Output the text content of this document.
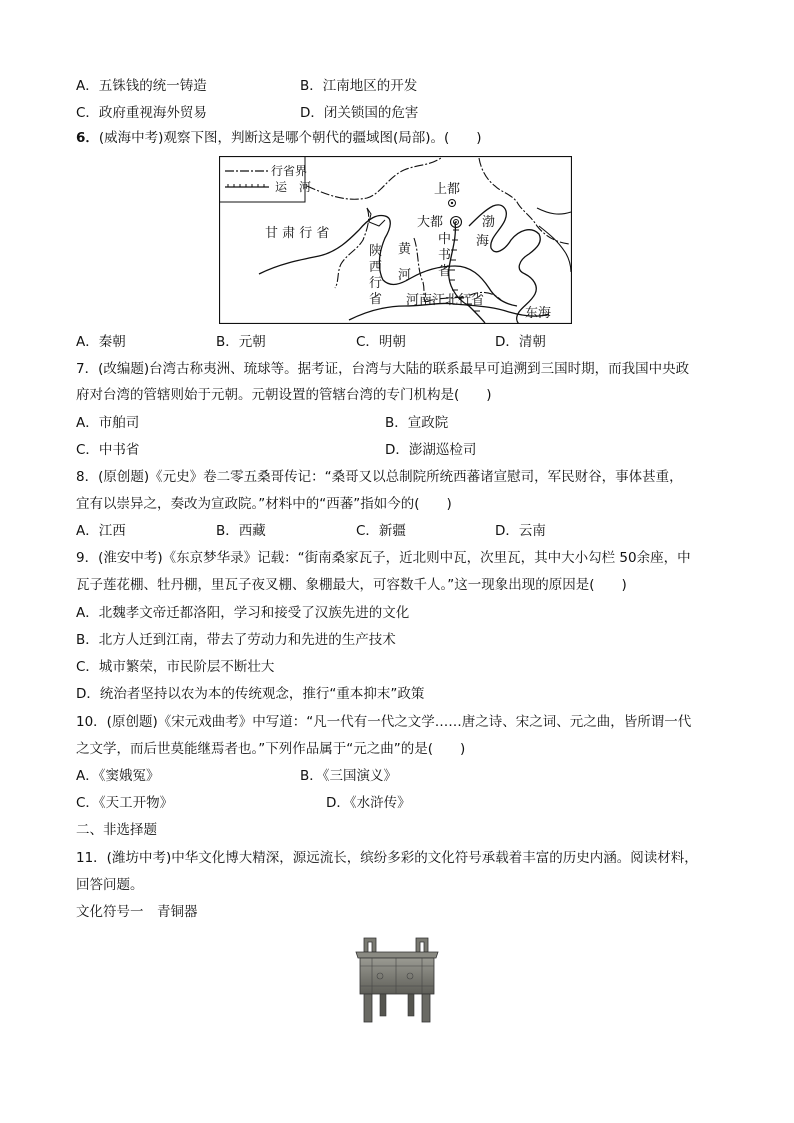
A．五铢钱的统一铸造	B．江南地区的开发
C．政府重视海外贸易	D．闭关锁国的危害
6．(威海中考)观察下图，判断这是哪个朝代的疆域图(局部)。(　　)
行省界
运　河
甘 肃 行 省
上都
大都
陕
西
行
省
黄
河
中
书
省
渤
海
河南江北行省
东海
A．秦朝	B．元朝	C．明朝	D．清朝
7．(改编题)台湾古称夷洲、琉球等。据考证，台湾与大陆的联系最早可追溯到三国时期，而我国中央政
府对台湾的管辖则始于元朝。元朝设置的管辖台湾的专门机构是(　　)
A．市舶司	B．宣政院
C．中书省	D．澎湖巡检司
8．(原创题)《元史》卷二零五桑哥传记：“桑哥又以总制院所统西蕃诸宣慰司，军民财谷，事体甚重，
宜有以崇异之，奏改为宣政院。”材料中的“西蕃”指如今的(　　)
A．江西	B．西藏	C．新疆	D．云南
9．(淮安中考)《东京梦华录》记载：“街南桑家瓦子，近北则中瓦，次里瓦，其中大小勾栏 50余座，中
瓦子莲花棚、牡丹棚，里瓦子夜叉棚、象棚最大，可容数千人。”这一现象出现的原因是(　　)
A．北魏孝文帝迁都洛阳，学习和接受了汉族先进的文化
B．北方人迁到江南，带去了劳动力和先进的生产技术
C．城市繁荣，市民阶层不断壮大
D．统治者坚持以农为本的传统观念，推行“重本抑末”政策
10．(原创题)《宋元戏曲考》中写道：“凡一代有一代之文学……唐之诗、宋之词、元之曲，皆所谓一代
之文学，而后世莫能继焉者也。”下列作品属于“元之曲”的是(　　)
A．《窦娥冤》	B．《三国演义》
C．《天工开物》	D．《水浒传》
二、非选择题
11．(潍坊中考)中华文化博大精深，源远流长，缤纷多彩的文化符号承载着丰富的历史内涵。阅读材料，
回答问题。
文化符号一　青铜器
